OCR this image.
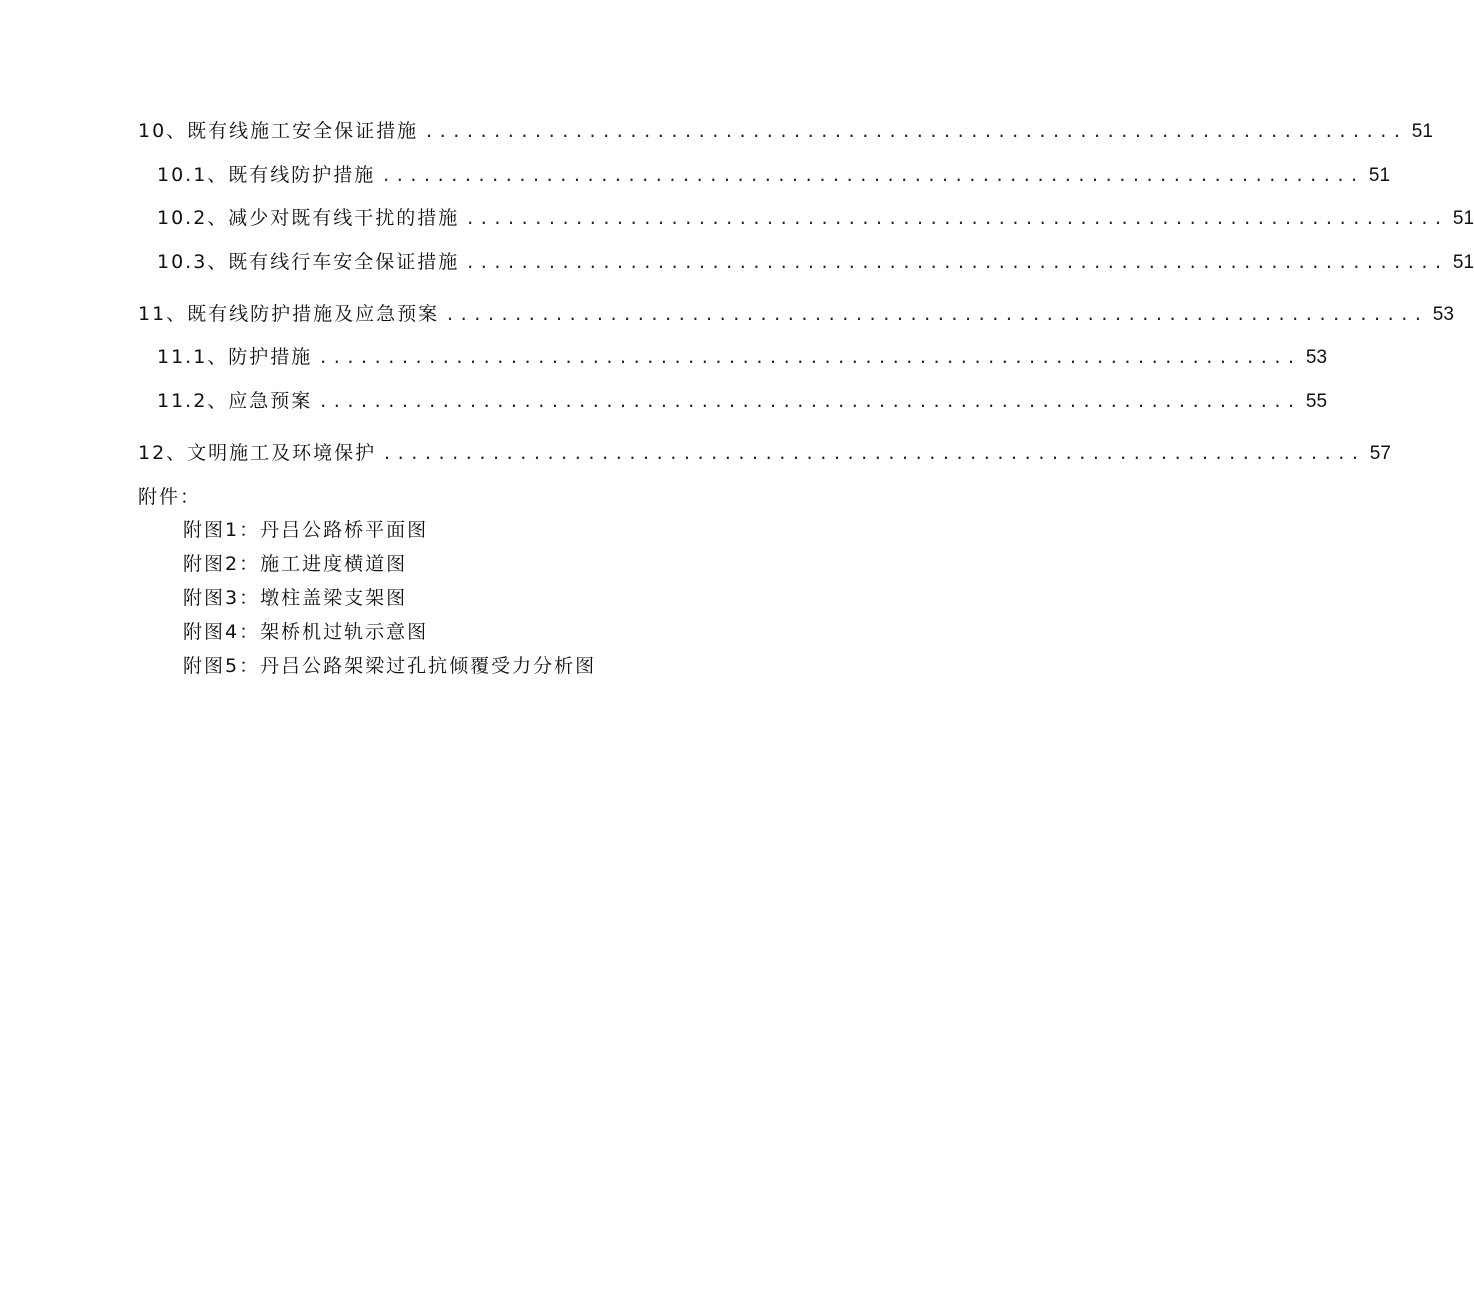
10、既有线施工安全保证措施 ........................................................................ 51
10.1、既有线防护措施 ........................................................................ 51
10.2、减少对既有线干扰的措施 ........................................................................ 51
10.3、既有线行车安全保证措施 ........................................................................ 51
11、既有线防护措施及应急预案 ........................................................................ 53
11.1、防护措施 ........................................................................ 53
11.2、应急预案 ........................................................................ 55
12、文明施工及环境保护 ........................................................................ 57
附件：
附图1：丹吕公路桥平面图
附图2：施工进度横道图
附图3：墩柱盖梁支架图
附图4：架桥机过轨示意图
附图5：丹吕公路架梁过孔抗倾覆受力分析图
